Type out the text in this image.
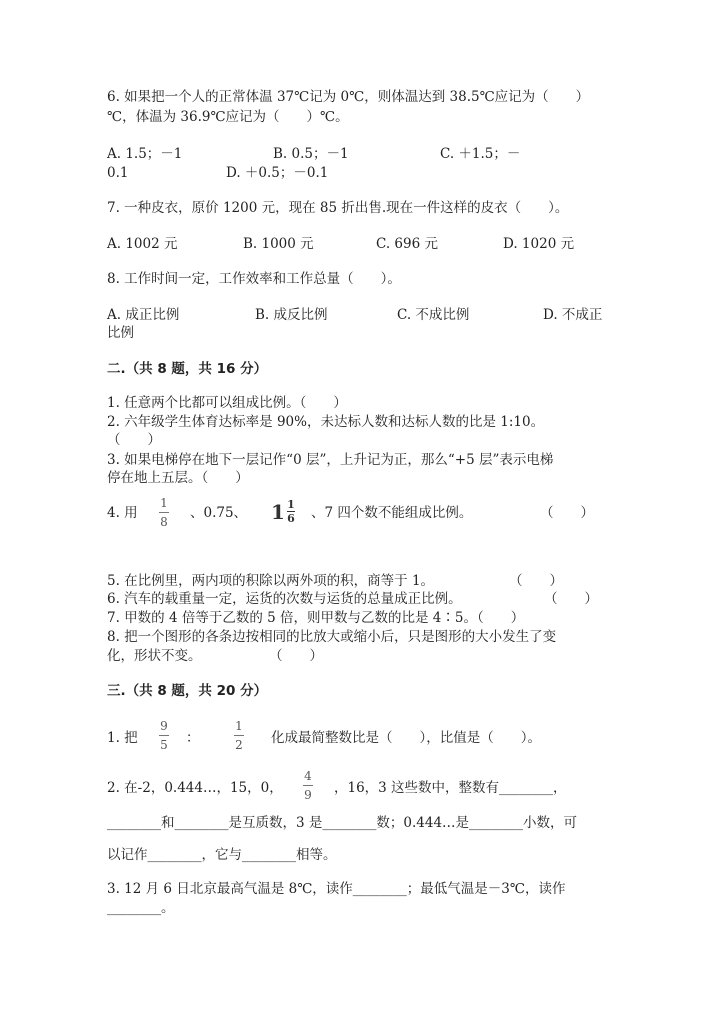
6. 如果把一个人的正常体温 37℃记为 0℃，则体温达到 38.5℃应记为（　　）
℃，体温为 36.9℃应记为（　　）℃。
A. 1.5；－1	B. 0.5；－1	C. ＋1.5；－
0.1	D. ＋0.5；－0.1
7. 一种皮衣，原价 1200 元，现在 85 折出售.现在一件这样的皮衣（　　）。
A. 1002 元	B. 1000 元	C. 696 元	D. 1020 元
8. 工作时间一定，工作效率和工作总量（　　）。
A. 成正比例	B. 成反比例	C. 不成比例	D. 不成正
比例
二.（共 8 题，共 16 分）
1. 任意两个比都可以组成比例。（　　）
2. 六年级学生体育达标率是 90%，未达标人数和达标人数的比是 1:10。
（　　）
3. 如果电梯停在地下一层记作“0 层”，上升记为正，那么“+5 层”表示电梯
停在地上五层。（　　）
4. 用
1
8
、0.75、 1 1
6 、7 四个数不能组成比例。	（　　）
5. 在比例里，两内项的积除以两外项的积，商等于 1。	（　　）
6. 汽车的载重量一定，运货的次数与运货的总量成正比例。	（　　）
7. 甲数的 4 倍等于乙数的 5 倍，则甲数与乙数的比是 4∶5。（　　）
8. 把一个图形的各条边按相同的比放大或缩小后，只是图形的大小发生了变
化，形状不变。	（　　）
三.（共 8 题，共 20 分）
1. 把
9
5 ：
1
2 化成最简整数比是（　　），比值是（　　）。
2. 在-2，0.444…，15，0，
4
9 ，16，3 这些数中，整数有________，
________和________是互质数，3 是________数；0.444…是________小数，可
以记作________，它与________相等。
3. 12 月 6 日北京最高气温是 8℃，读作________；最低气温是－3℃，读作
________。
